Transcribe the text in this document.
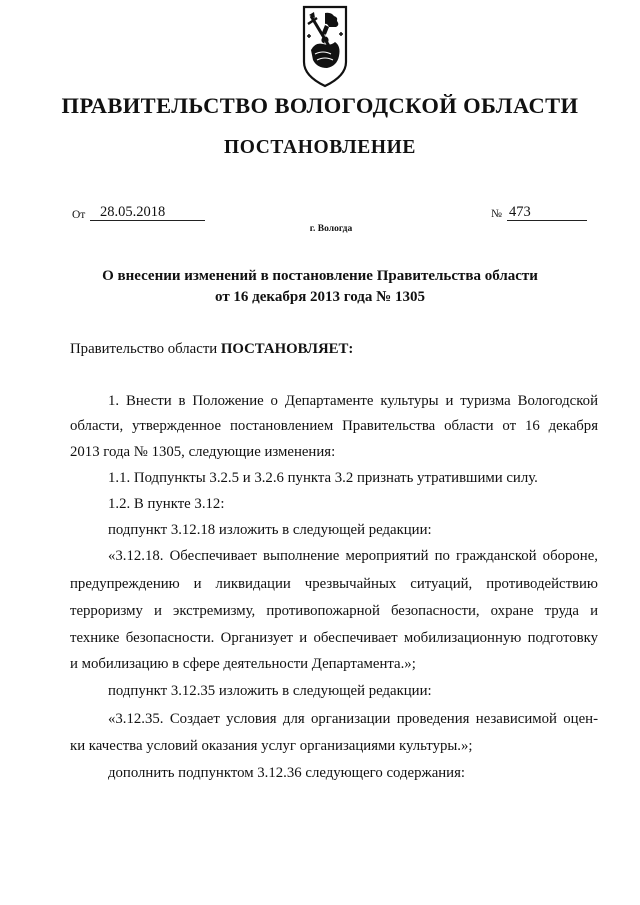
ПРАВИТЕЛЬСТВО ВОЛОГОДСКОЙ ОБЛАСТИ
ПОСТАНОВЛЕНИЕ
От	28.05.2018	№ 473
г. Вологда
О внесении изменений в постановление Правительства области
от 16 декабря 2013 года № 1305
Правительство области ПОСТАНОВЛЯЕТ:
1. Внести в Положение о Департаменте культуры и туризма Вологодской
области, утвержденное постановлением Правительства области от 16 декабря
2013 года № 1305, следующие изменения:
1.1. Подпункты 3.2.5 и 3.2.6 пункта 3.2 признать утратившими силу.
1.2. В пункте 3.12:
подпункт 3.12.18 изложить в следующей редакции:
«3.12.18. Обеспечивает выполнение мероприятий по гражданской обороне,
предупреждению и ликвидации чрезвычайных ситуаций, противодействию
терроризму и экстремизму, противопожарной безопасности, охране труда и
технике безопасности. Организует и обеспечивает мобилизационную подготовку
и мобилизацию в сфере деятельности Департамента.»;
подпункт 3.12.35 изложить в следующей редакции:
«3.12.35. Создает условия для организации проведения независимой оцен-
ки качества условий оказания услуг организациями культуры.»;
дополнить подпунктом 3.12.36 следующего содержания:
